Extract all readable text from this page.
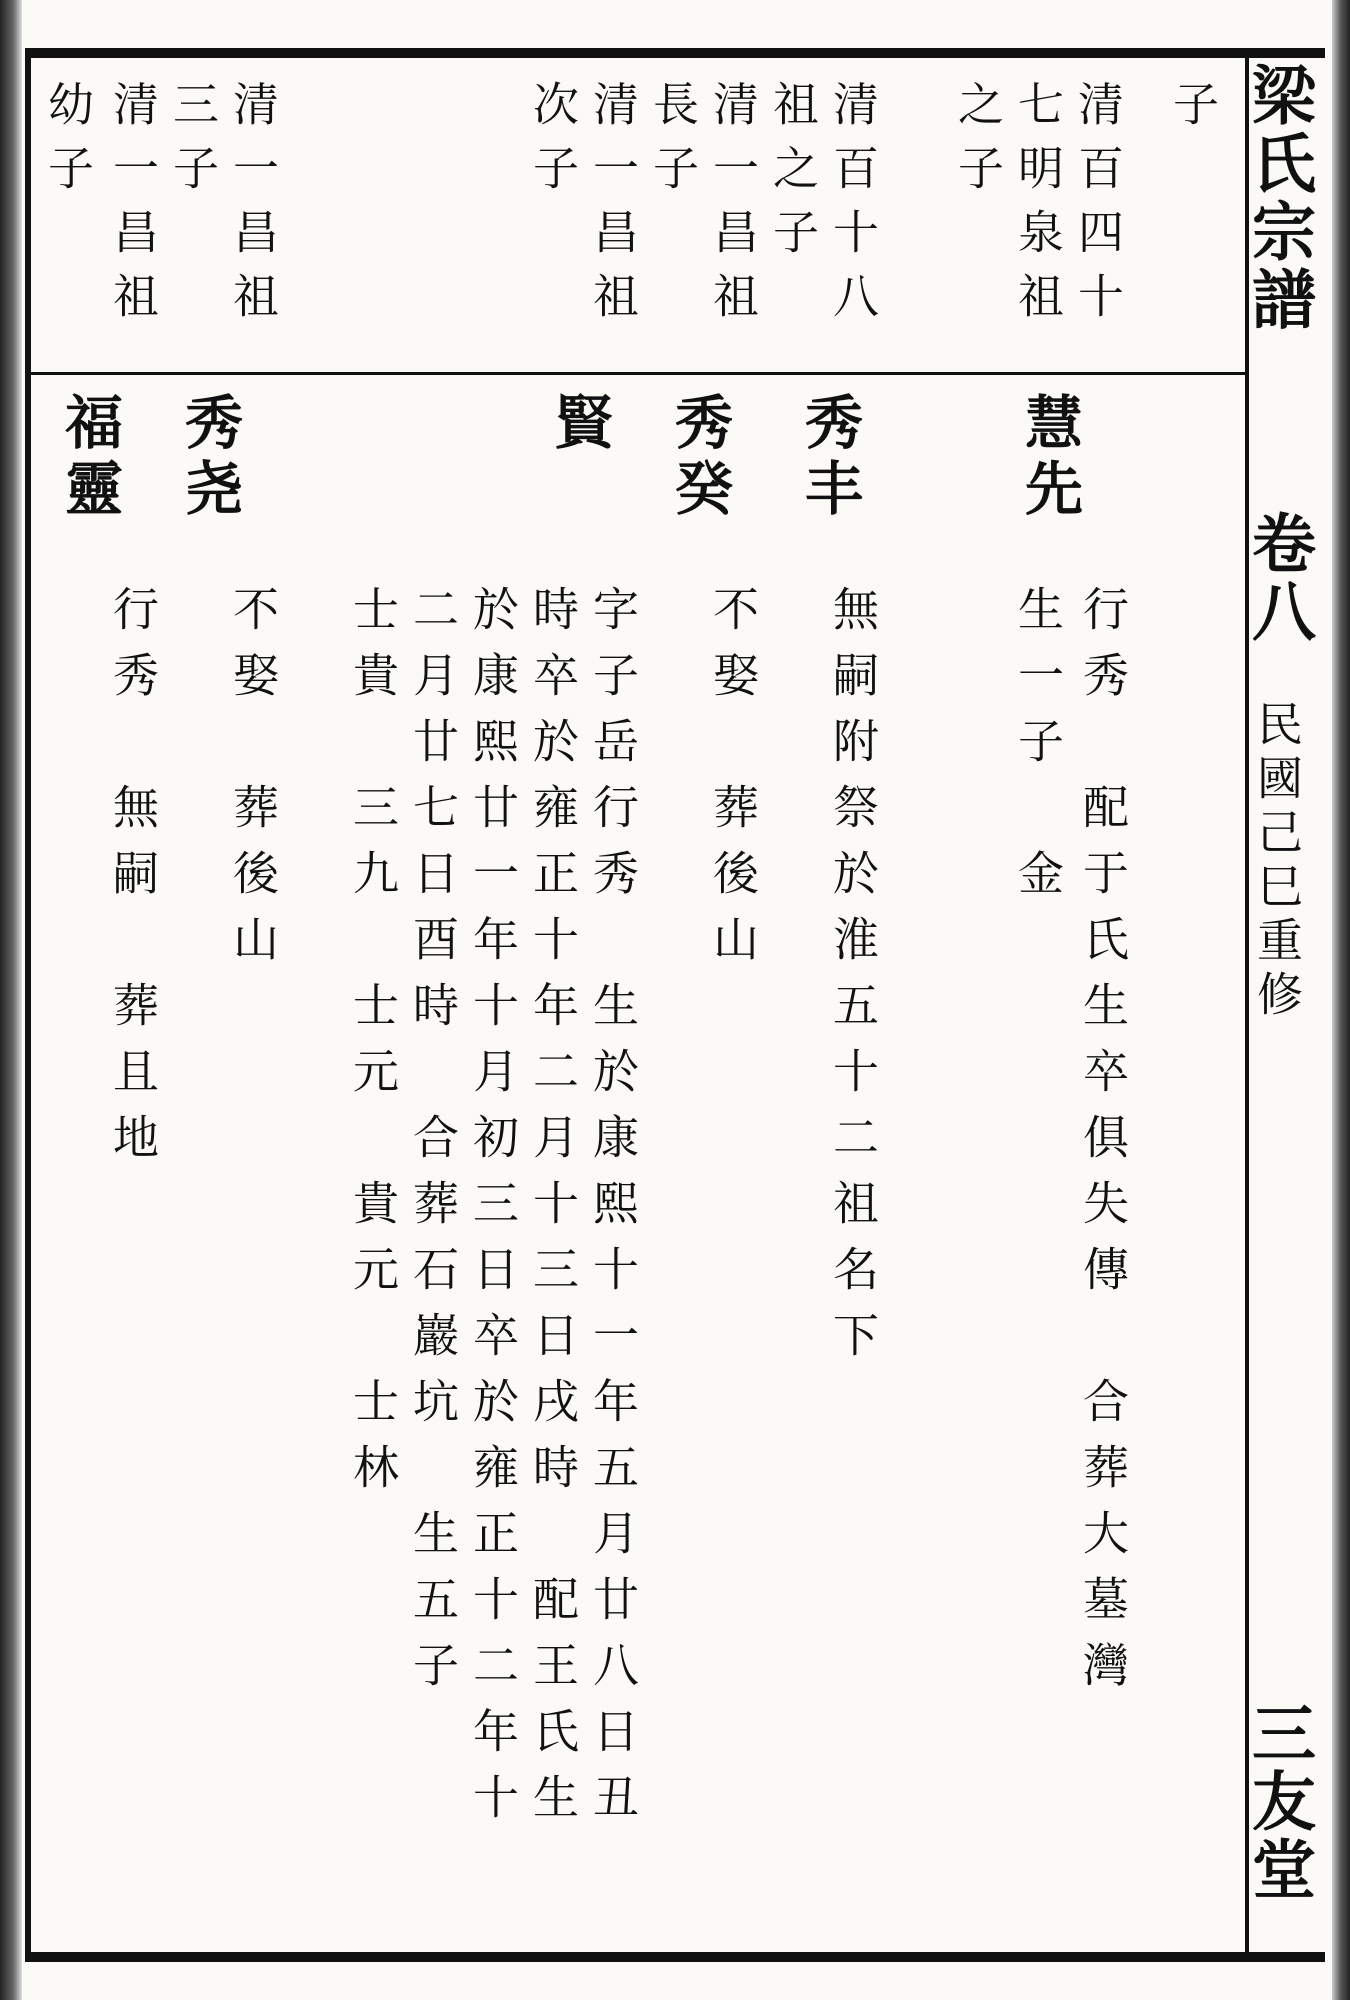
梁氏宗譜
卷八
民國己巳重修
三友堂
子
清百四十
七明泉祖
之子
清百十八
祖之子
清一昌祖
長子
清一昌祖
次子
清一昌祖
三子
清一昌祖
幼子
慧先
行秀　配于氏生卒俱失傳　合葬大墓灣
生一子　金
秀丰
無嗣附祭於淮五十二祖名下
秀癸
不娶　葬後山
賢
字子岳行秀　生於康熙十一年五月廿八日丑
時卒於雍正十年二月十三日戌時　配王氏生
於康熙廿一年十月初三日卒於雍正十二年十
二月廿七日酉時　合葬石巖坑　生五子
士貴　三九　士元　貴元　士林
秀尧
不娶　葬後山
福靈
行秀　無嗣　葬且地
